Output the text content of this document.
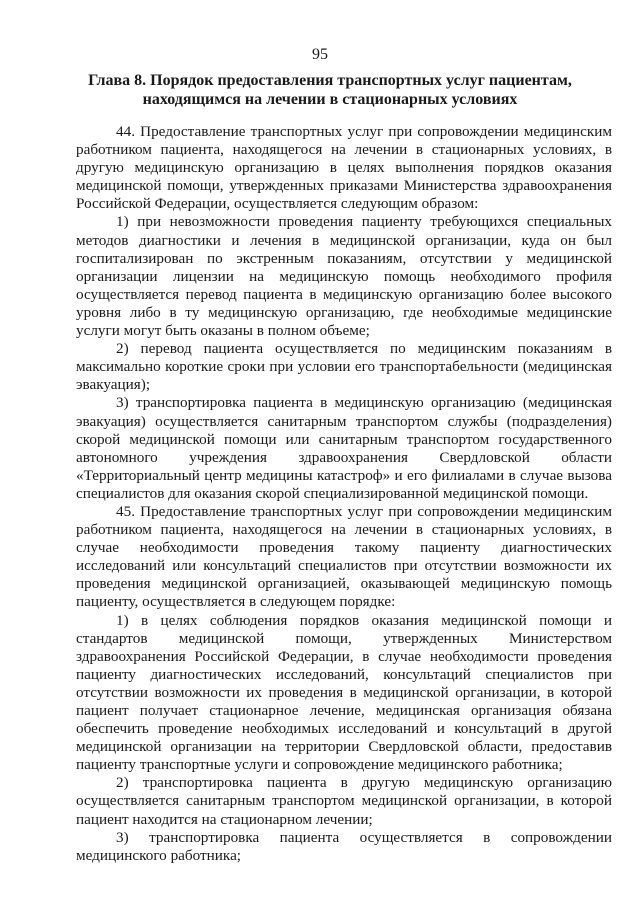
95
Глава 8. Порядок предоставления транспортных услуг пациентам, находящимся на лечении в стационарных условиях

44. Предоставление транспортных услуг при сопровождении медицинским работником пациента, находящегося на лечении в стационарных условиях, в другую медицинскую организацию в целях выполнения порядков оказания медицинской помощи, утвержденных приказами Министерства здравоохранения Российской Федерации, осуществляется следующим образом:

1) при невозможности проведения пациенту требующихся специальных методов диагностики и лечения в медицинской организации, куда он был госпитализирован по экстренным показаниям, отсутствии у медицинской организации лицензии на медицинскую помощь необходимого профиля осуществляется перевод пациента в медицинскую организацию более высокого уровня либо в ту медицинскую организацию, где необходимые медицинские услуги могут быть оказаны в полном объеме;

2) перевод пациента осуществляется по медицинским показаниям в максимально короткие сроки при условии его транспортабельности (медицинская эвакуация);

3) транспортировка пациента в медицинскую организацию (медицинская эвакуация) осуществляется санитарным транспортом службы (подразделения) скорой медицинской помощи или санитарным транспортом государственного автономного учреждения здравоохранения Свердловской области «Территориальный центр медицины катастроф» и его филиалами в случае вызова специалистов для оказания скорой специализированной медицинской помощи.

45. Предоставление транспортных услуг при сопровождении медицинским работником пациента, находящегося на лечении в стационарных условиях, в случае необходимости проведения такому пациенту диагностических исследований или консультаций специалистов при отсутствии возможности их проведения медицинской организацией, оказывающей медицинскую помощь пациенту, осуществляется в следующем порядке:

1) в целях соблюдения порядков оказания медицинской помощи и стандартов медицинской помощи, утвержденных Министерством здравоохранения Российской Федерации, в случае необходимости проведения пациенту диагностических исследований, консультаций специалистов при отсутствии возможности их проведения в медицинской организации, в которой пациент получает стационарное лечение, медицинская организация обязана обеспечить проведение необходимых исследований и консультаций в другой медицинской организации на территории Свердловской области, предоставив пациенту транспортные услуги и сопровождение медицинского работника;

2) транспортировка пациента в другую медицинскую организацию осуществляется санитарным транспортом медицинской организации, в которой пациент находится на стационарном лечении;

3) транспортировка пациента осуществляется в сопровождении медицинского работника;
